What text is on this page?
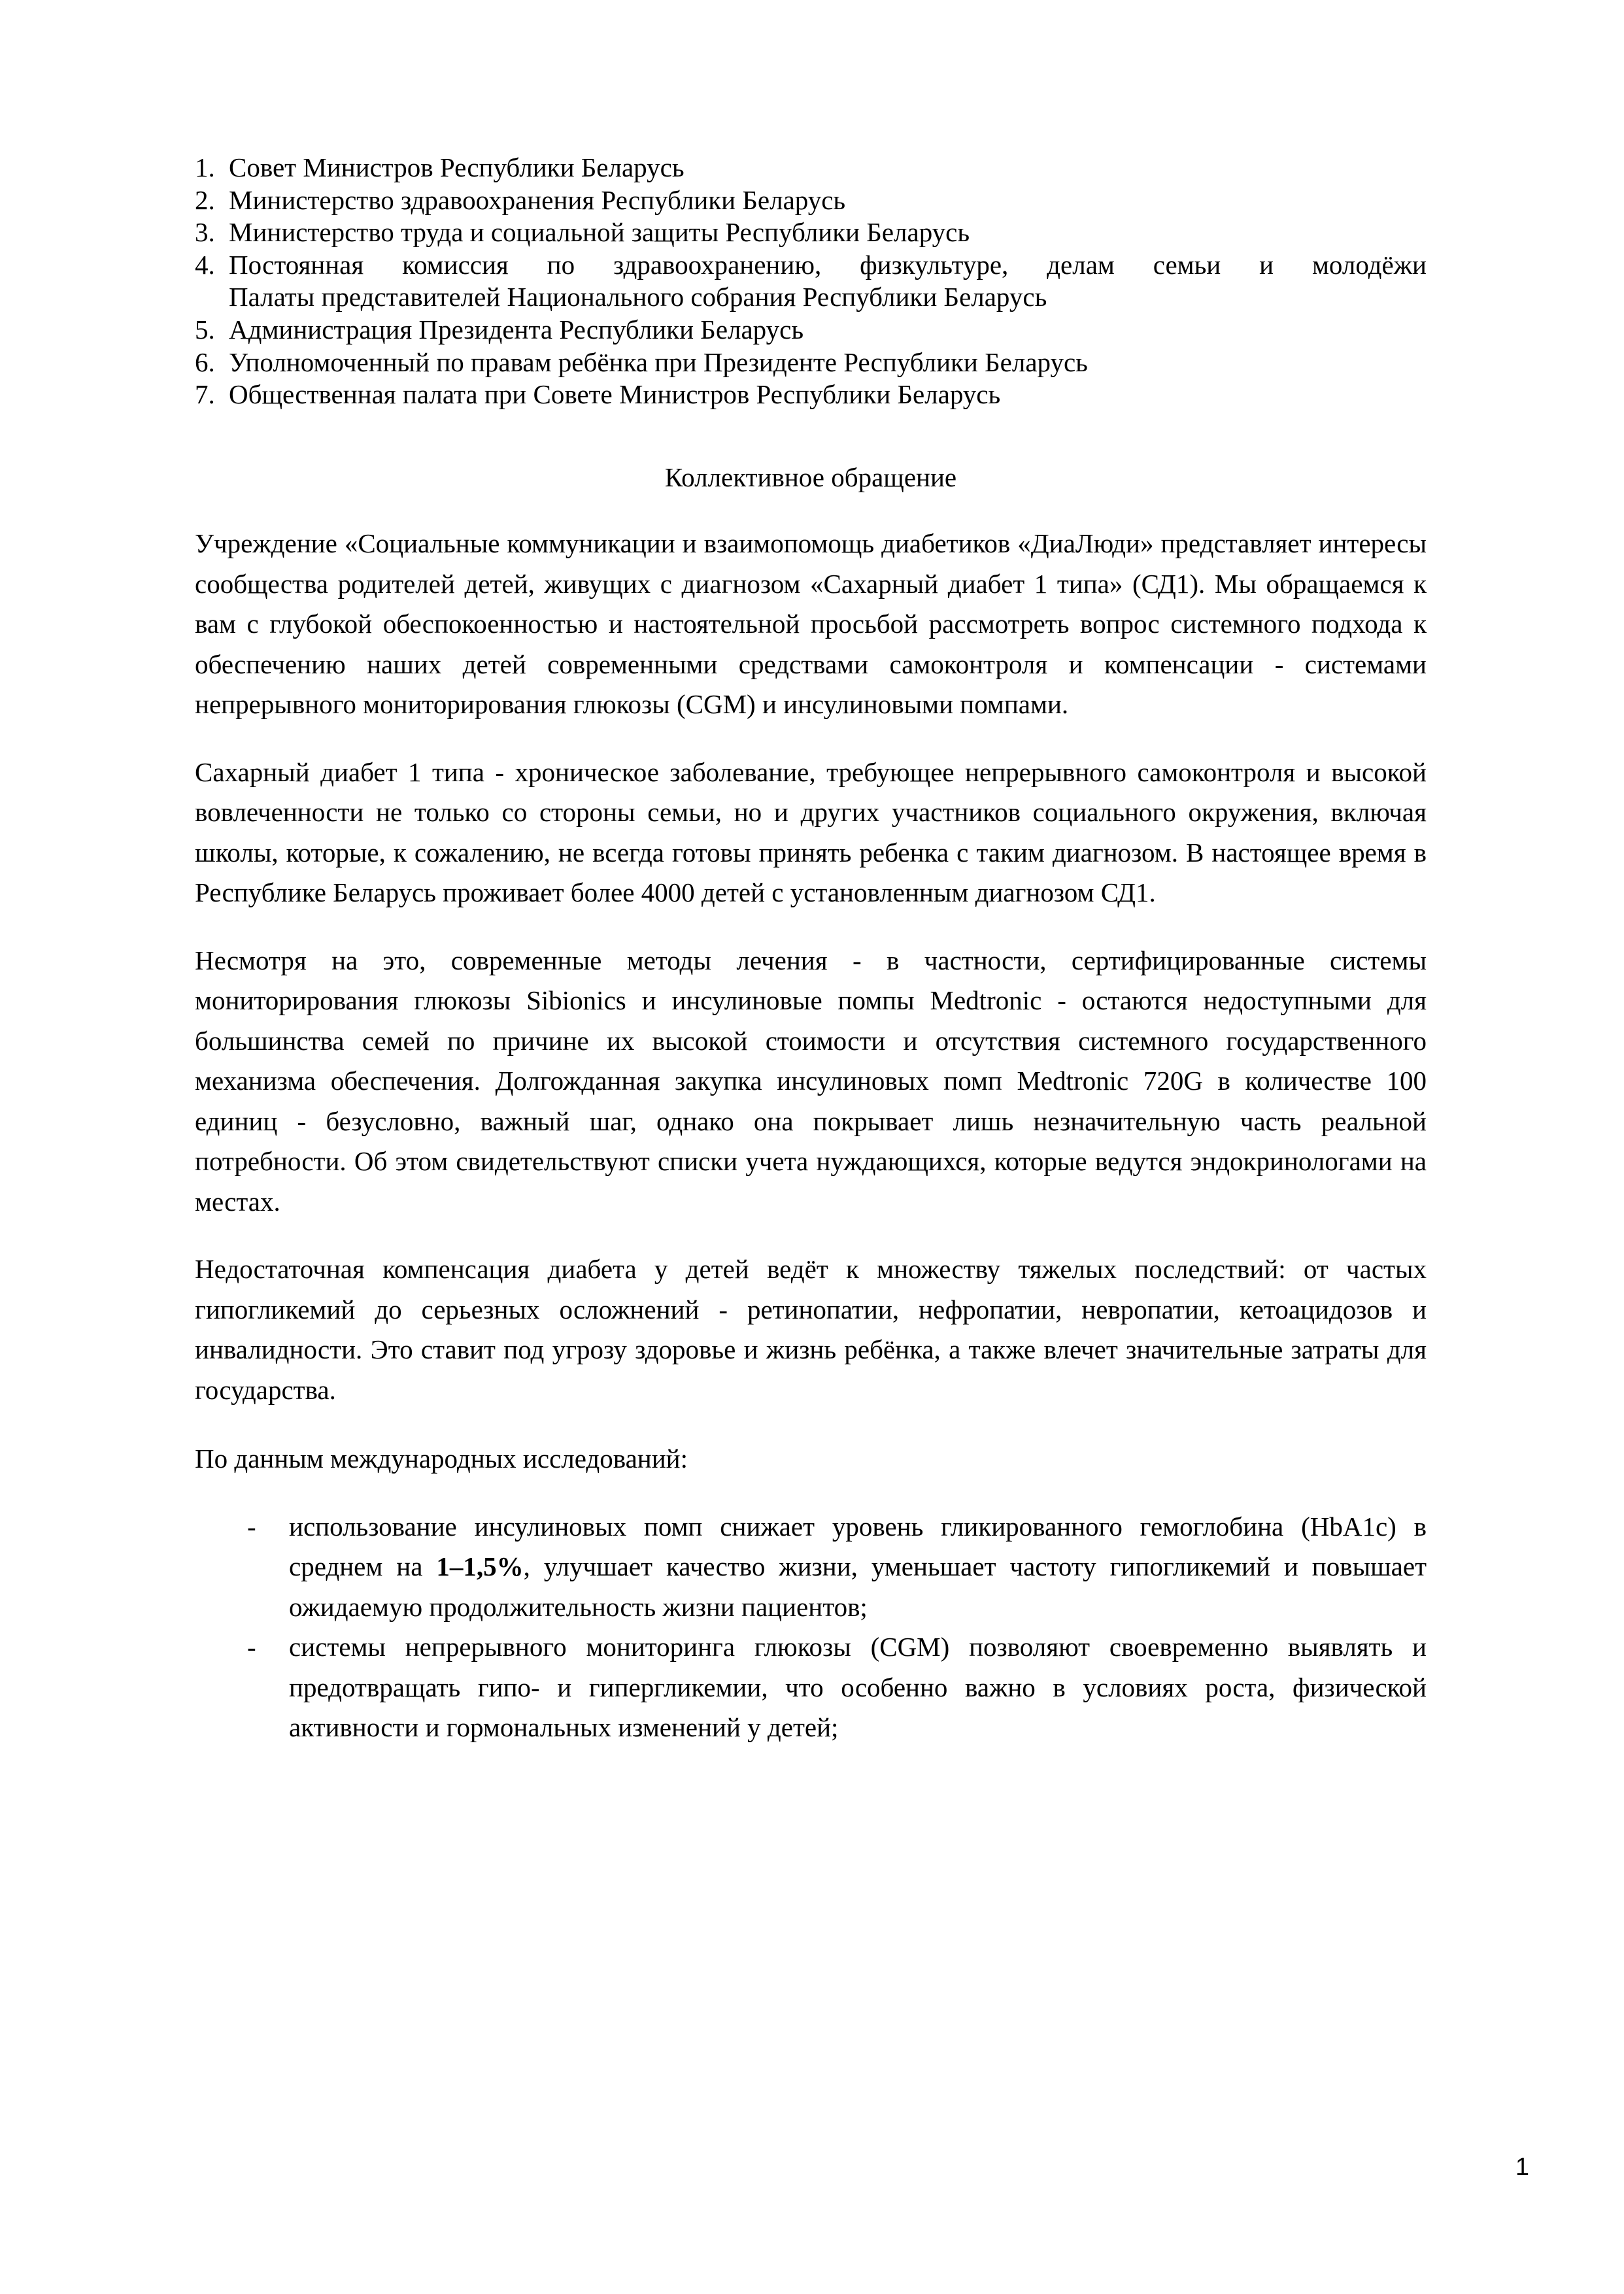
1. Совет Министров Республики Беларусь
2. Министерство здравоохранения Республики Беларусь
3. Министерство труда и социальной защиты Республики Беларусь
4. Постоянная комиссия по здравоохранению, физкультуре, делам семьи и молодёжи
Палаты представителей Национального собрания Республики Беларусь
5. Администрация Президента Республики Беларусь
6. Уполномоченный по правам ребёнка при Президенте Республики Беларусь
7. Общественная палата при Совете Министров Республики Беларусь
Коллективное обращение

Учреждение «Социальные коммуникации и взаимопомощь диабетиков «ДиаЛюди» представляет интересы сообщества родителей детей, живущих с диагнозом «Сахарный диабет 1 типа» (СД1). Мы обращаемся к вам с глубокой обеспокоенностью и настоятельной просьбой рассмотреть вопрос системного подхода к обеспечению наших детей современными средствами самоконтроля и компенсации - системами непрерывного мониторирования глюкозы (CGM) и инсулиновыми помпами.

Сахарный диабет 1 типа - хроническое заболевание, требующее непрерывного самоконтроля и высокой вовлеченности не только со стороны семьи, но и других участников социального окружения, включая школы, которые, к сожалению, не всегда готовы принять ребенка с таким диагнозом. В настоящее время в Республике Беларусь проживает более 4000 детей с установленным диагнозом СД1.

Несмотря на это, современные методы лечения - в частности, сертифицированные системы мониторирования глюкозы Sibionics и инсулиновые помпы Medtronic - остаются недоступными для большинства семей по причине их высокой стоимости и отсутствия системного государственного механизма обеспечения. Долгожданная закупка инсулиновых помп Medtronic 720G в количестве 100 единиц - безусловно, важный шаг, однако она покрывает лишь незначительную часть реальной потребности. Об этом свидетельствуют списки учета нуждающихся, которые ведутся эндокринологами на местах.

Недостаточная компенсация диабета у детей ведёт к множеству тяжелых последствий: от частых гипогликемий до серьезных осложнений - ретинопатии, нефропатии, невропатии, кетоацидозов и инвалидности. Это ставит под угрозу здоровье и жизнь ребёнка, а также влечет значительные затраты для государства.

По данным международных исследований:

- использование инсулиновых помп снижает уровень гликированного гемоглобина (HbA1c) в среднем на 1–1,5%, улучшает качество жизни, уменьшает частоту гипогликемий и повышает ожидаемую продолжительность жизни пациентов;
- системы непрерывного мониторинга глюкозы (CGM) позволяют своевременно выявлять и предотвращать гипо- и гипергликемии, что особенно важно в условиях роста, физической активности и гормональных изменений у детей;
1
